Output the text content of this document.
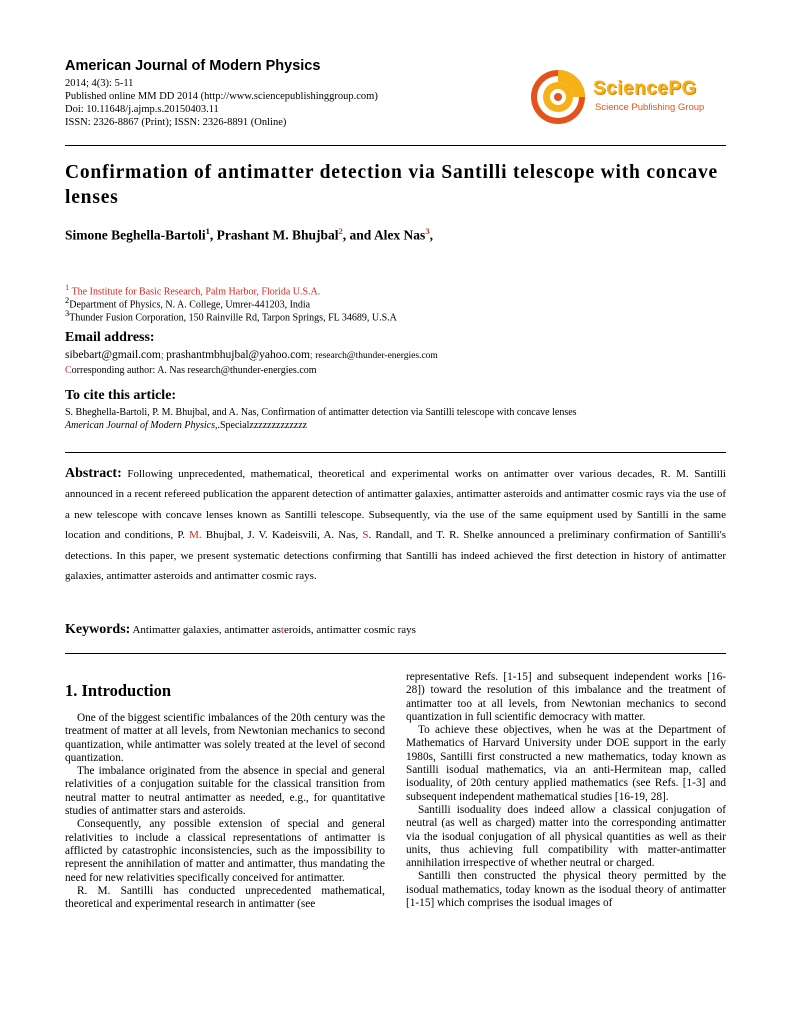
American Journal of Modern Physics
2014; 4(3): 5-11
Published online MM DD 2014 (http://www.sciencepublishinggroup.com)
Doi: 10.11648/j.ajmp.s.20150403.11
ISSN: 2326-8867 (Print); ISSN: 2326-8891 (Online)
SciencePG
Science Publishing Group
Confirmation of antimatter detection via Santilli telescope with concave lenses
Simone Beghella-Bartoli$^1$, Prashant M. Bhujbal$^2$, and Alex Nas$^3$,
$^1$ The Institute for Basic Research, Palm Harbor, Florida U.S.A.
$^2$Department of Physics, N. A. College, Umrer-441203, India
$^3$Thunder Fusion Corporation, 150 Rainville Rd, Tarpon Springs, FL 34689, U.S.A
Email address:
sibebart@gmail.com; prashantmbhujbal@yahoo.com; research@thunder-energies.com
Corresponding author: A. Nas research@thunder-energies.com
To cite this article:
S. Bheghella-Bartoli, P. M. Bhujbal, and A. Nas, Confirmation of antimatter detection via Santilli telescope with concave lenses
American Journal of Modern Physics,.Specialzzzzzzzzzzzzz
Abstract: Following unprecedented, mathematical, theoretical and experimental works on antimatter over various decades, R. M. Santilli announced in a recent refereed publication the apparent detection of antimatter galaxies, antimatter asteroids and antimatter cosmic rays via the use of a new telescope with concave lenses known as Santilli telescope. Subsequently, via the use of the same equipment used by Santilli in the same location and conditions, P. M. Bhujbal, J. V. Kadeisvili, A. Nas, S. Randall, and T. R. Shelke announced a preliminary confirmation of Santilli's detections. In this paper, we present systematic detections confirming that Santilli has indeed achieved the first detection in history of antimatter galaxies, antimatter asteroids and antimatter cosmic rays.
Keywords: Antimatter galaxies, antimatter asteroids, antimatter cosmic rays
1. Introduction

One of the biggest scientific imbalances of the 20th century was the treatment of matter at all levels, from Newtonian mechanics to second quantization, while antimatter was solely treated at the level of second quantization.

The imbalance originated from the absence in special and general relativities of a conjugation suitable for the classical transition from neutral matter to neutral antimatter as needed, e.g., for quantitative studies of antimatter stars and asteroids.

Consequently, any possible extension of special and general relativities to include a classical representations of antimatter is afflicted by catastrophic inconsistencies, such as the impossibility to represent the annihilation of matter and antimatter, thus mandating the need for new relativities specifically conceived for antimatter.

R. M. Santilli has conducted unprecedented mathematical, theoretical and experimental research in antimatter (see

representative Refs. [1-15] and subsequent independent works [16-28]) toward the resolution of this imbalance and the treatment of antimatter too at all levels, from Newtonian mechanics to second quantization in full scientific democracy with matter.

To achieve these objectives, when he was at the Department of Mathematics of Harvard University under DOE support in the early 1980s, Santilli first constructed a new mathematics, today known as Santilli isodual mathematics, via an anti-Hermitean map, called isoduality, of 20th century applied mathematics (see Refs. [1-3] and subsequent independent mathematical studies [16-19, 28].

Santilli isoduality does indeed allow a classical conjugation of neutral (as well as charged) matter into the corresponding antimatter via the isodual conjugation of all physical quantities as well as their units, thus achieving full compatibility with matter-antimatter annihilation irrespective of whether neutral or charged.

Santilli then constructed the physical theory permitted by the isodual mathematics, today known as the isodual theory of antimatter [1-15] which comprises the isodual images of
